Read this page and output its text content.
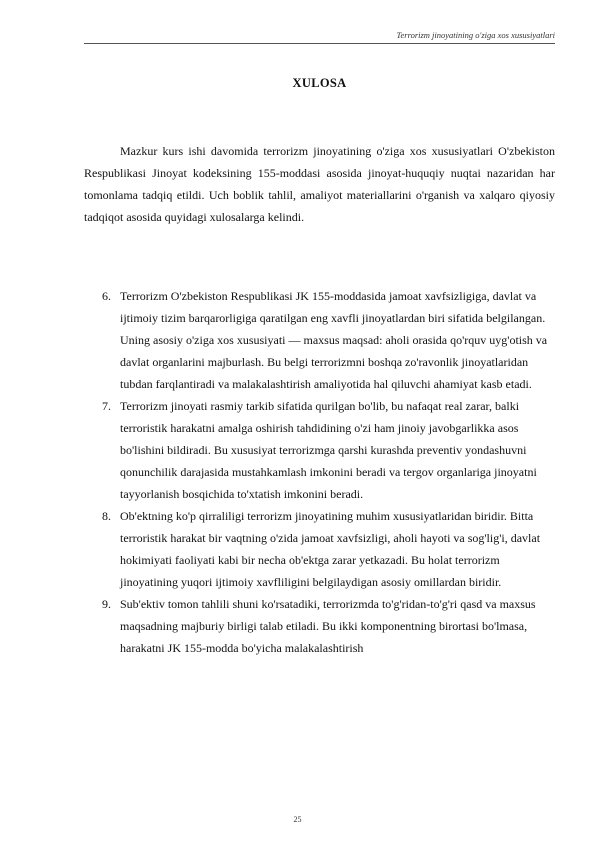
Terrorizm jinoyatining o'ziga xos xususiyatlari
XULOSA

Mazkur kurs ishi davomida terrorizm jinoyatining o'ziga xos xususiyatlari O'zbekiston Respublikasi Jinoyat kodeksining 155-moddasi asosida jinoyat-huquqiy nuqtai nazaridan har tomonlama tadqiq etildi. Uch boblik tahlil, amaliyot materiallarini o'rganish va xalqaro qiyosiy tadqiqot asosida quyidagi xulosalarga kelindi.

6. Terrorizm O'zbekiston Respublikasi JK 155-moddasida jamoat xavfsizligiga, davlat va ijtimoiy tizim barqarorligiga qaratilgan eng xavfli jinoyatlardan biri sifatida belgilangan. Uning asosiy o'ziga xos xususiyati — maxsus maqsad: aholi orasida qo'rquv uyg'otish va davlat organlarini majburlash. Bu belgi terrorizmni boshqa zo'ravonlik jinoyatlaridan tubdan farqlantiradi va malakalashtirish amaliyotida hal qiluvchi ahamiyat kasb etadi.
7. Terrorizm jinoyati rasmiy tarkib sifatida qurilgan bo'lib, bu nafaqat real zarar, balki terroristik harakatni amalga oshirish tahdidining o'zi ham jinoiy javobgarlikka asos bo'lishini bildiradi. Bu xususiyat terrorizmga qarshi kurashda preventiv yondashuvni qonunchilik darajasida mustahkamlash imkonini beradi va tergov organlariga jinoyatni tayyorlanish bosqichida to'xtatish imkonini beradi.
8. Ob'ektning ko'p qirraliligi terrorizm jinoyatining muhim xususiyatlaridan biridir. Bitta terroristik harakat bir vaqtning o'zida jamoat xavfsizligi, aholi hayoti va sog'lig'i, davlat hokimiyati faoliyati kabi bir necha ob'ektga zarar yetkazadi. Bu holat terrorizm jinoyatining yuqori ijtimoiy xavfliligini belgilaydigan asosiy omillardan biridir.
9. Sub'ektiv tomon tahlili shuni ko'rsatadiki, terrorizmda to'g'ridan-to'g'ri qasd va maxsus maqsadning majburiy birligi talab etiladi. Bu ikki komponentning birortasi bo'lmasa, harakatni JK 155-modda bo'yicha malakalashtirish
25
